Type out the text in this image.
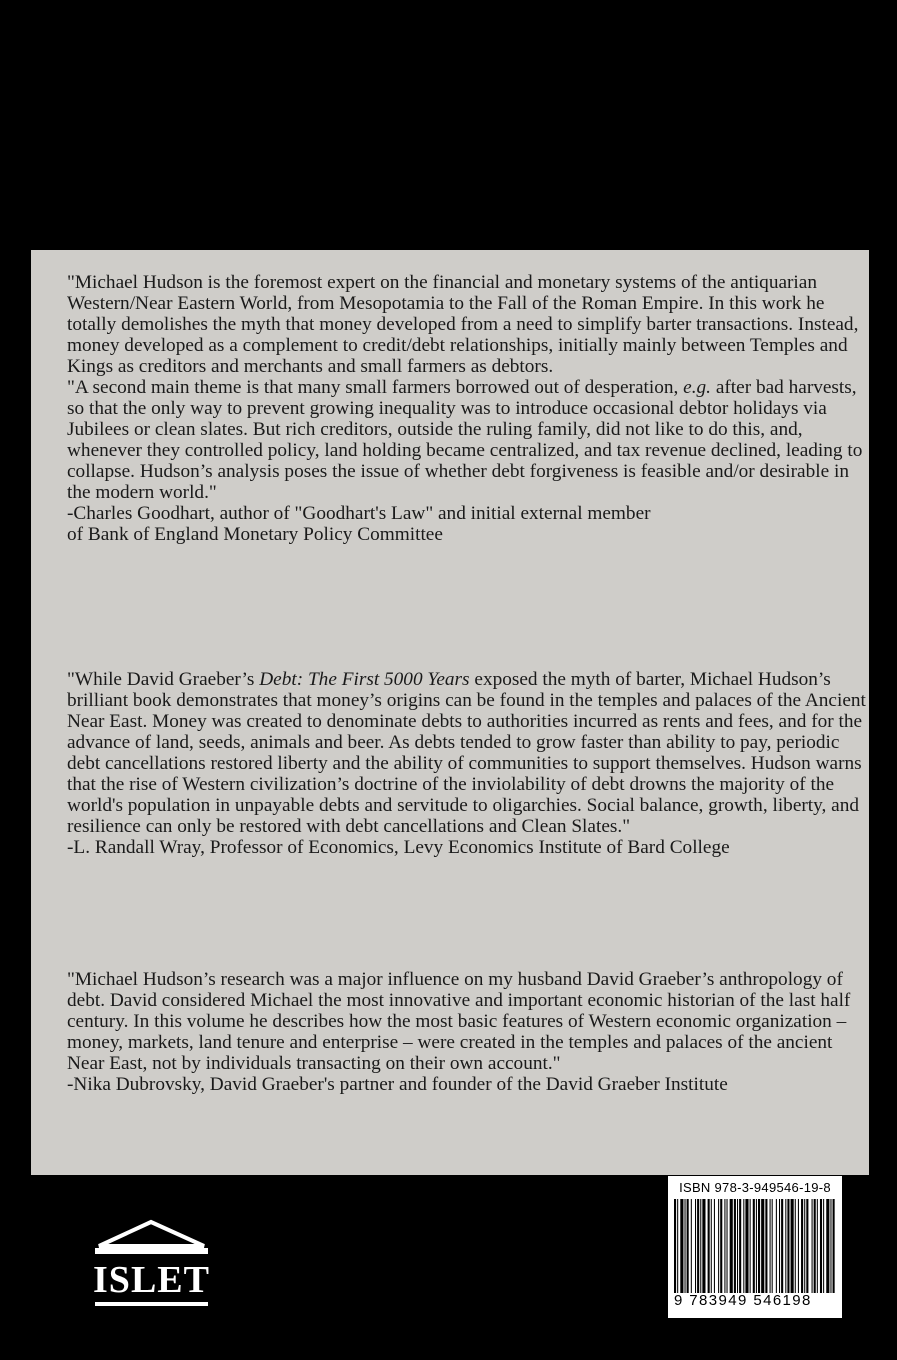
"Michael Hudson is the foremost expert on the financial and monetary systems of the antiquarian Western/Near Eastern World, from Mesopotamia to the Fall of the Roman Empire. In this work he totally demolishes the myth that money developed from a need to simplify barter transactions. Instead, money developed as a complement to credit/debt relationships, initially mainly between Temples and Kings as creditors and merchants and small farmers as debtors.

"A second main theme is that many small farmers borrowed out of desperation, e.g. after bad harvests, so that the only way to prevent growing inequality was to introduce occasional debtor holidays via Jubilees or clean slates. But rich creditors, outside the ruling family, did not like to do this, and, whenever they controlled policy, land holding became centralized, and tax revenue declined, leading to collapse. Hudson’s analysis poses the issue of whether debt forgiveness is feasible and/or desirable in the modern world."

-Charles Goodhart, author of "Goodhart's Law" and initial external member

of Bank of England Monetary Policy Committee

"While David Graeber’s Debt: The First 5000 Years exposed the myth of barter, Michael Hudson’s brilliant book demonstrates that money’s origins can be found in the temples and palaces of the Ancient Near East. Money was created to denominate debts to authorities incurred as rents and fees, and for the advance of land, seeds, animals and beer. As debts tended to grow faster than ability to pay, periodic debt cancellations restored liberty and the ability of communities to support themselves. Hudson warns that the rise of Western civilization’s doctrine of the inviolability of debt drowns the majority of the world's population in unpayable debts and servitude to oligarchies. Social balance, growth, liberty, and resilience can only be restored with debt cancellations and Clean Slates."

-L. Randall Wray, Professor of Economics, Levy Economics Institute of Bard College

"Michael Hudson’s research was a major influence on my husband David Graeber’s anthropology of debt. David considered Michael the most innovative and important economic historian of the last half century. In this volume he describes how the most basic features of Western economic organization – money, markets, land tenure and enterprise – were created in the temples and palaces of the ancient Near East, not by individuals transacting on their own account."

-Nika Dubrovsky, David Graeber's partner and founder of the David Graeber Institute

ISLET
ISBN 978-3-949546-19-8
9 783949 546198
